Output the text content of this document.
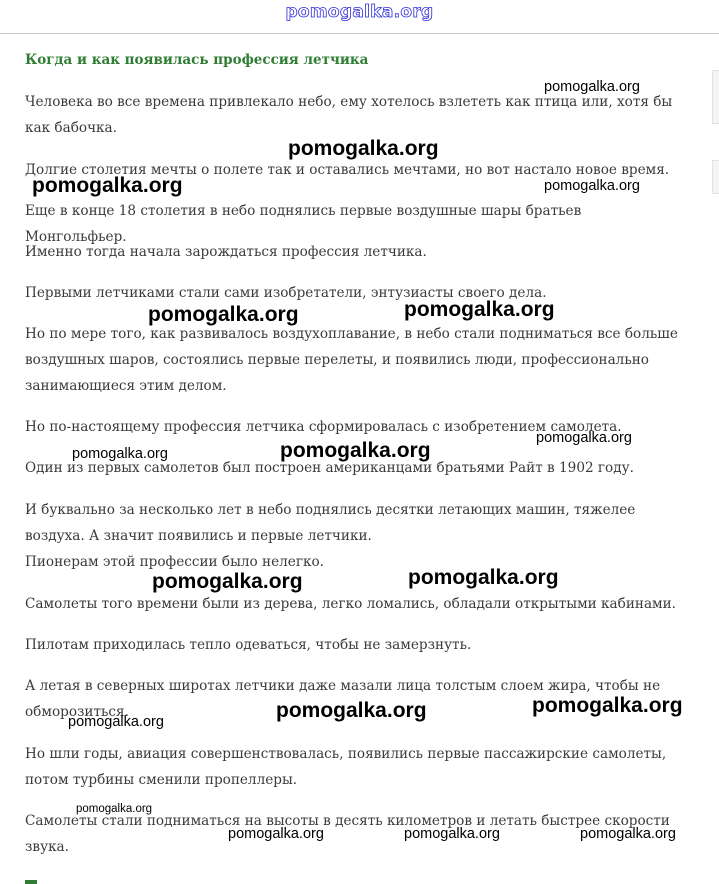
pomogalka.org
Когда и как появилась профессия летчика

Человека во все времена привлекало небо, ему хотелось взлететь как птица или, хотя бы как бабочка.

Долгие столетия мечты о полете так и оставались мечтами, но вот настало новое время.

Еще в конце 18 столетия в небо поднялись первые воздушные шары братьев Монгольфьер.

Именно тогда начала зарождаться профессия летчика.

Первыми летчиками стали сами изобретатели, энтузиасты своего дела.

Но по мере того, как развивалось воздухоплавание, в небо стали подниматься все больше воздушных шаров, состоялись первые перелеты, и появились люди, профессионально занимающиеся этим делом.

Но по-настоящему профессия летчика сформировалась с изобретением самолета.

Один из первых самолетов был построен американцами братьями Райт в 1902 году.

И буквально за несколько лет в небо поднялись десятки летающих машин, тяжелее воздуха. А значит появились и первые летчики.

Пионерам этой профессии было нелегко.

Самолеты того времени были из дерева, легко ломались, обладали открытыми кабинами.

Пилотам приходилась тепло одеваться, чтобы не замерзнуть.

А летая в северных широтах летчики даже мазали лица толстым слоем жира, чтобы не обморозиться.

Но шли годы, авиация совершенствовалась, появились первые пассажирские самолеты, потом турбины сменили пропеллеры.

Самолеты стали подниматься на высоты в десять километров и летать быстрее скорости звука.

pomogalka.org
pomogalka.org
pomogalka.org	pomogalka.org
pomogalka.org
pomogalka.org
pomogalka.org
pomogalka.org
pomogalka.org
pomogalka.org
pomogalka.org
pomogalka.org
pomogalka.org
pomogalka.org
pomogalka.org
pomogalka.org	pomogalka.org	pomogalka.org
